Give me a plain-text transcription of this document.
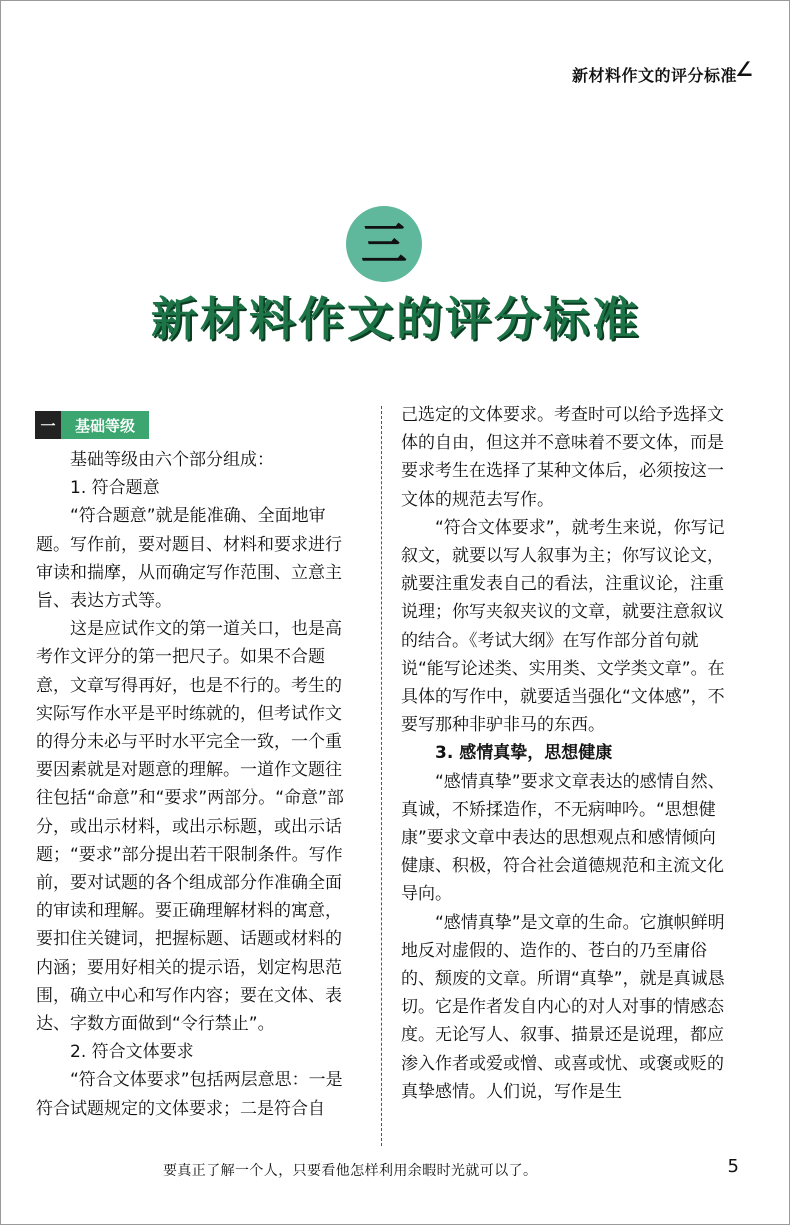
新材料作文的评分标准
∠
三
新材料作文的评分标准
一	基础等级

基础等级由六个部分组成：

1. 符合题意

“符合题意”就是能准确、全面地审题。写作前，要对题目、材料和要求进行审读和揣摩，从而确定写作范围、立意主旨、表达方式等。

这是应试作文的第一道关口，也是高考作文评分的第一把尺子。如果不合题意，文章写得再好，也是不行的。考生的实际写作水平是平时练就的，但考试作文的得分未必与平时水平完全一致，一个重要因素就是对题意的理解。一道作文题往往包括“命意”和“要求”两部分。“命意”部分，或出示材料，或出示标题，或出示话题；“要求”部分提出若干限制条件。写作前，要对试题的各个组成部分作准确全面的审读和理解。要正确理解材料的寓意，要扣住关键词，把握标题、话题或材料的内涵；要用好相关的提示语，划定构思范围，确立中心和写作内容；要在文体、表达、字数方面做到“令行禁止”。

2. 符合文体要求

“符合文体要求”包括两层意思：一是符合试题规定的文体要求；二是符合自

己选定的文体要求。考查时可以给予选择文体的自由，但这并不意味着不要文体，而是要求考生在选择了某种文体后，必须按这一文体的规范去写作。

“符合文体要求”，就考生来说，你写记叙文，就要以写人叙事为主；你写议论文，就要注重发表自己的看法，注重议论，注重说理；你写夹叙夹议的文章，就要注意叙议的结合。《考试大纲》在写作部分首句就说“能写论述类、实用类、文学类文章”。在具体的写作中，就要适当强化“文体感”，不要写那种非驴非马的东西。

3. 感情真挚，思想健康

“感情真挚”要求文章表达的感情自然、真诚，不矫揉造作，不无病呻吟。“思想健康”要求文章中表达的思想观点和感情倾向健康、积极，符合社会道德规范和主流文化导向。

“感情真挚”是文章的生命。它旗帜鲜明地反对虚假的、造作的、苍白的乃至庸俗的、颓废的文章。所谓“真挚”，就是真诚恳切。它是作者发自内心的对人对事的情感态度。无论写人、叙事、描景还是说理，都应渗入作者或爱或憎、或喜或忧、或褒或贬的真挚感情。人们说，写作是生

要真正了解一个人，只要看他怎样利用余暇时光就可以了。	5
